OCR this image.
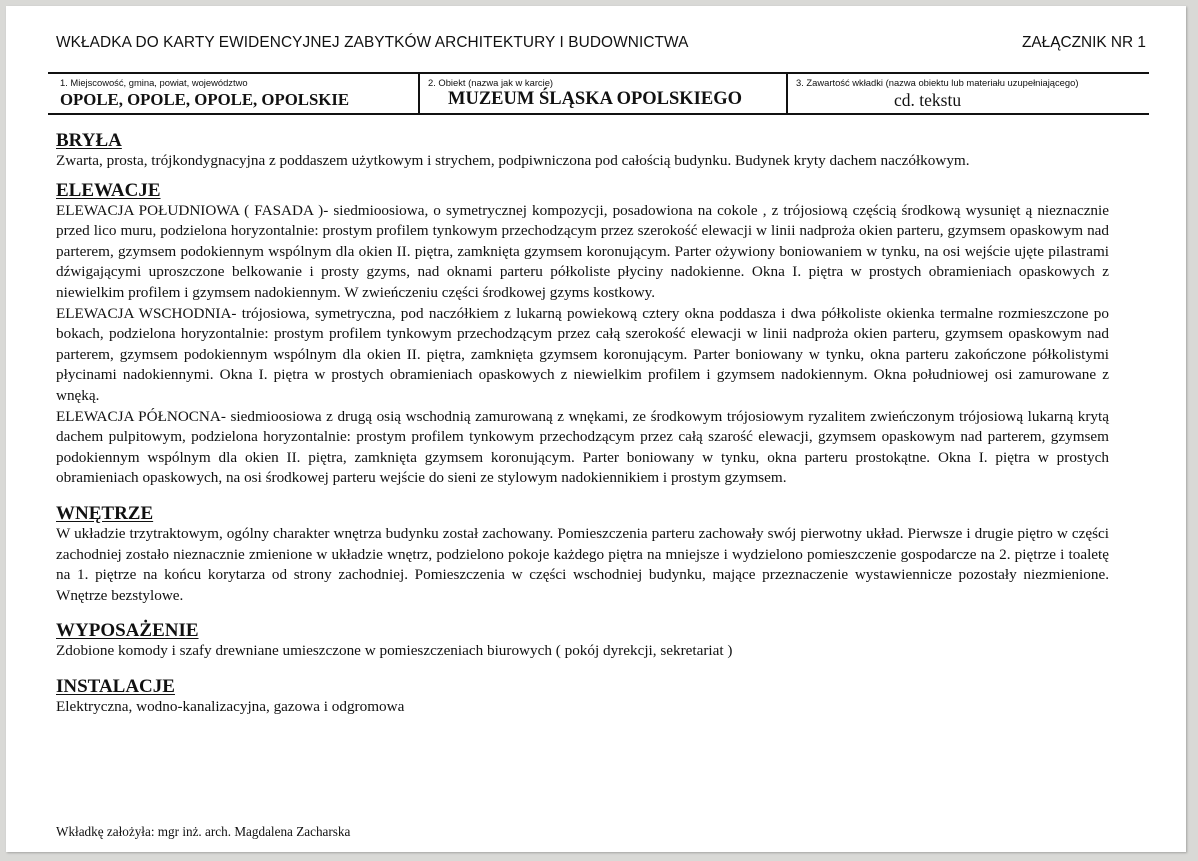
WKŁADKA DO KARTY EWIDENCYJNEJ ZABYTKÓW ARCHITEKTURY I BUDOWNICTWA	ZAŁĄCZNIK NR 1
1. Miejscowość, gmina, powiat, województwo
OPOLE, OPOLE, OPOLE, OPOLSKIE
2. Obiekt (nazwa jak w karcie)
MUZEUM ŚLĄSKA OPOLSKIEGO
3. Zawartość wkładki (nazwa obiektu lub materiału uzupełniającego)
cd. tekstu
BRYŁA

Zwarta, prosta, trójkondygnacyjna z poddaszem użytkowym i strychem, podpiwniczona pod całością budynku. Budynek kryty dachem naczółkowym.

ELEWACJE

ELEWACJA POŁUDNIOWA ( FASADA )- siedmioosiowa, o symetrycznej kompozycji, posadowiona na cokole , z trójosiową częścią środkową wysunięt ą nieznacznie przed lico muru, podzielona horyzontalnie: prostym profilem tynkowym przechodzącym przez szerokość elewacji w linii nadproża okien parteru, gzymsem opaskowym nad parterem, gzymsem podokiennym wspólnym dla okien II. piętra, zamknięta gzymsem koronującym. Parter ożywiony boniowaniem w tynku, na osi wejście ujęte pilastrami dźwigającymi uproszczone belkowanie i prosty gzyms, nad oknami parteru półkoliste płyciny nadokienne. Okna I. piętra w prostych obramieniach opaskowych z niewielkim profilem i gzymsem nadokiennym. W zwieńczeniu części środkowej gzyms kostkowy.

ELEWACJA WSCHODNIA- trójosiowa, symetryczna, pod naczółkiem z lukarną powiekową cztery okna poddasza i dwa półkoliste okienka termalne rozmieszczone po bokach, podzielona horyzontalnie: prostym profilem tynkowym przechodzącym przez całą szerokość elewacji w linii nadproża okien parteru, gzymsem opaskowym nad parterem, gzymsem podokiennym wspólnym dla okien II. piętra, zamknięta gzymsem koronującym. Parter boniowany w tynku, okna parteru zakończone półkolistymi płycinami nadokiennymi. Okna I. piętra w prostych obramieniach opaskowych z niewielkim profilem i gzymsem nadokiennym. Okna południowej osi zamurowane z wnęką.

ELEWACJA PÓŁNOCNA- siedmioosiowa z drugą osią wschodnią zamurowaną z wnękami, ze środkowym trójosiowym ryzalitem zwieńczonym trójosiową lukarną krytą dachem pulpitowym, podzielona horyzontalnie: prostym profilem tynkowym przechodzącym przez całą szarość elewacji, gzymsem opaskowym nad parterem, gzymsem podokiennym wspólnym dla okien II. piętra, zamknięta gzymsem koronującym. Parter boniowany w tynku, okna parteru prostokątne. Okna I. piętra w prostych obramieniach opaskowych, na osi środkowej parteru wejście do sieni ze stylowym nadokiennikiem i prostym gzymsem.

WNĘTRZE

W układzie trzytraktowym, ogólny charakter wnętrza budynku został zachowany. Pomieszczenia parteru zachowały swój pierwotny układ. Pierwsze i drugie piętro w części zachodniej zostało nieznacznie zmienione w układzie wnętrz, podzielono pokoje każdego piętra na mniejsze i wydzielono pomieszczenie gospodarcze na 2. piętrze i toaletę na 1. piętrze na końcu korytarza od strony zachodniej. Pomieszczenia w części wschodniej budynku, mające przeznaczenie wystawiennicze pozostały niezmienione. Wnętrze bezstylowe.

WYPOSAŻENIE

Zdobione komody i szafy drewniane umieszczone w pomieszczeniach biurowych ( pokój dyrekcji, sekretariat )

INSTALACJE

Elektryczna, wodno-kanalizacyjna, gazowa i odgromowa

Wkładkę założyła: mgr inż. arch. Magdalena Zacharska
